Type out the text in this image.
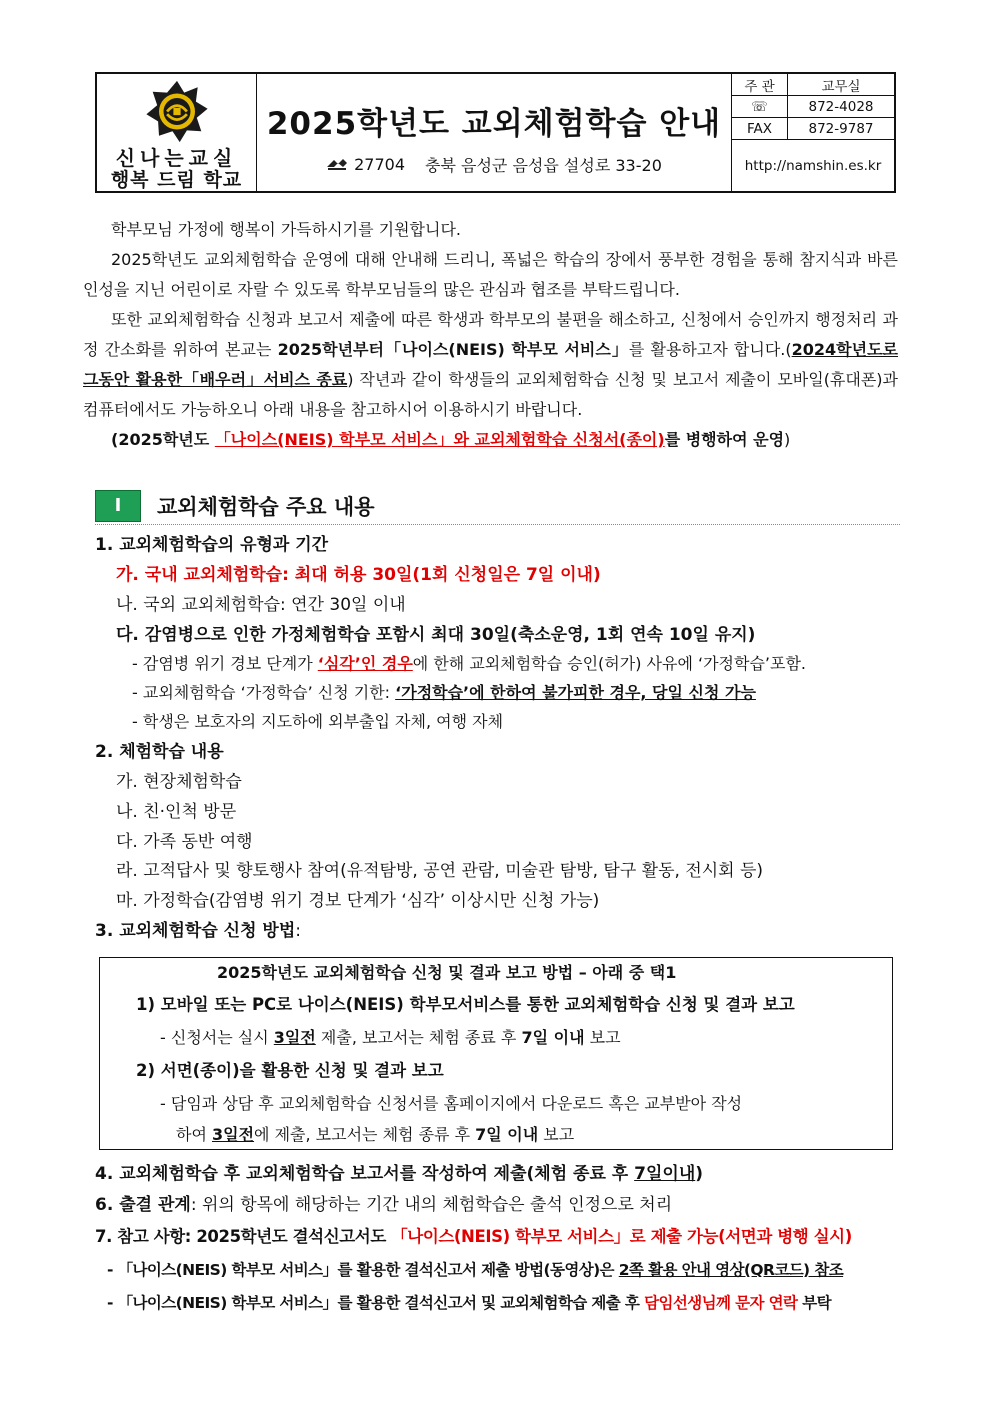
신나는교실
행복 드림 학교
2025학년도 교외체험학습 안내
27704 충북 음성군 음성읍 설성로 33-20
주 관	교무실
☏	872-4028
FAX	872-9787
http://namshin.es.kr

학부모님 가정에 행복이 가득하시기를 기원합니다.

2025학년도 교외체험학습 운영에 대해 안내해 드리니, 폭넓은 학습의 장에서 풍부한 경험을 통해 참지식과 바른 인성을 지닌 어린이로 자랄 수 있도록 학부모님들의 많은 관심과 협조를 부탁드립니다.

또한 교외체험학습 신청과 보고서 제출에 따른 학생과 학부모의 불편을 해소하고, 신청에서 승인까지 행정처리 과정 간소화를 위하여 본교는 2025학년부터「나이스(NEIS) 학부모 서비스」를 활용하고자 합니다.(2024학년도로 그동안 활용한「배우러」서비스 종료) 작년과 같이 학생들의 교외체험학습 신청 및 보고서 제출이 모바일(휴대폰)과 컴퓨터에서도 가능하오니 아래 내용을 참고하시어 이용하시기 바랍니다.

(2025학년도 「나이스(NEIS) 학부모 서비스」와 교외체험학습 신청서(종이)를 병행하여 운영)

Ⅰ	교외체험학습 주요 내용
1. 교외체험학습의 유형과 기간
가. 국내 교외체험학습: 최대 허용 30일(1회 신청일은 7일 이내)
나. 국외 교외체험학습: 연간 30일 이내
다. 감염병으로 인한 가정체험학습 포함시 최대 30일(축소운영, 1회 연속 10일 유지)
- 감염병 위기 경보 단계가 ‘심각’인 경우에 한해 교외체험학습 승인(허가) 사유에 ‘가정학습’포함.
- 교외체험학습 ‘가정학습’ 신청 기한: ‘가정학습’에 한하여 불가피한 경우, 당일 신청 가능
- 학생은 보호자의 지도하에 외부출입 자체, 여행 자체
2. 체험학습 내용
가. 현장체험학습
나. 친·인척 방문
다. 가족 동반 여행
라. 고적답사 및 향토행사 참여(유적탐방, 공연 관람, 미술관 탐방, 탐구 활동, 전시회 등)
마. 가정학습(감염병 위기 경보 단계가 ‘심각’ 이상시만 신청 가능)
3. 교외체험학습 신청 방법:
2025학년도 교외체험학습 신청 및 결과 보고 방법 – 아래 중 택1
1) 모바일 또는 PC로 나이스(NEIS) 학부모서비스를 통한 교외체험학습 신청 및 결과 보고
- 신청서는 실시 3일전 제출, 보고서는 체험 종료 후 7일 이내 보고
2) 서면(종이)을 활용한 신청 및 결과 보고
- 담임과 상담 후 교외체험학습 신청서를 홈페이지에서 다운로드 혹은 교부받아 작성
하여 3일전에 제출, 보고서는 체험 종류 후 7일 이내 보고
4. 교외체험학습 후 교외체험학습 보고서를 작성하여 제출(체험 종료 후 7일이내)
6. 출결 관계: 위의 항목에 해당하는 기간 내의 체험학습은 출석 인정으로 처리
7. 참고 사항: 2025학년도 결석신고서도 「나이스(NEIS) 학부모 서비스」로 제출 가능(서면과 병행 실시)
- 「나이스(NEIS) 학부모 서비스」를 활용한 결석신고서 제출 방법(동영상)은 2쪽 활용 안내 영상(QR코드) 참조
- 「나이스(NEIS) 학부모 서비스」를 활용한 결석신고서 및 교외체험학습 제출 후 담임선생님께 문자 연락 부탁
